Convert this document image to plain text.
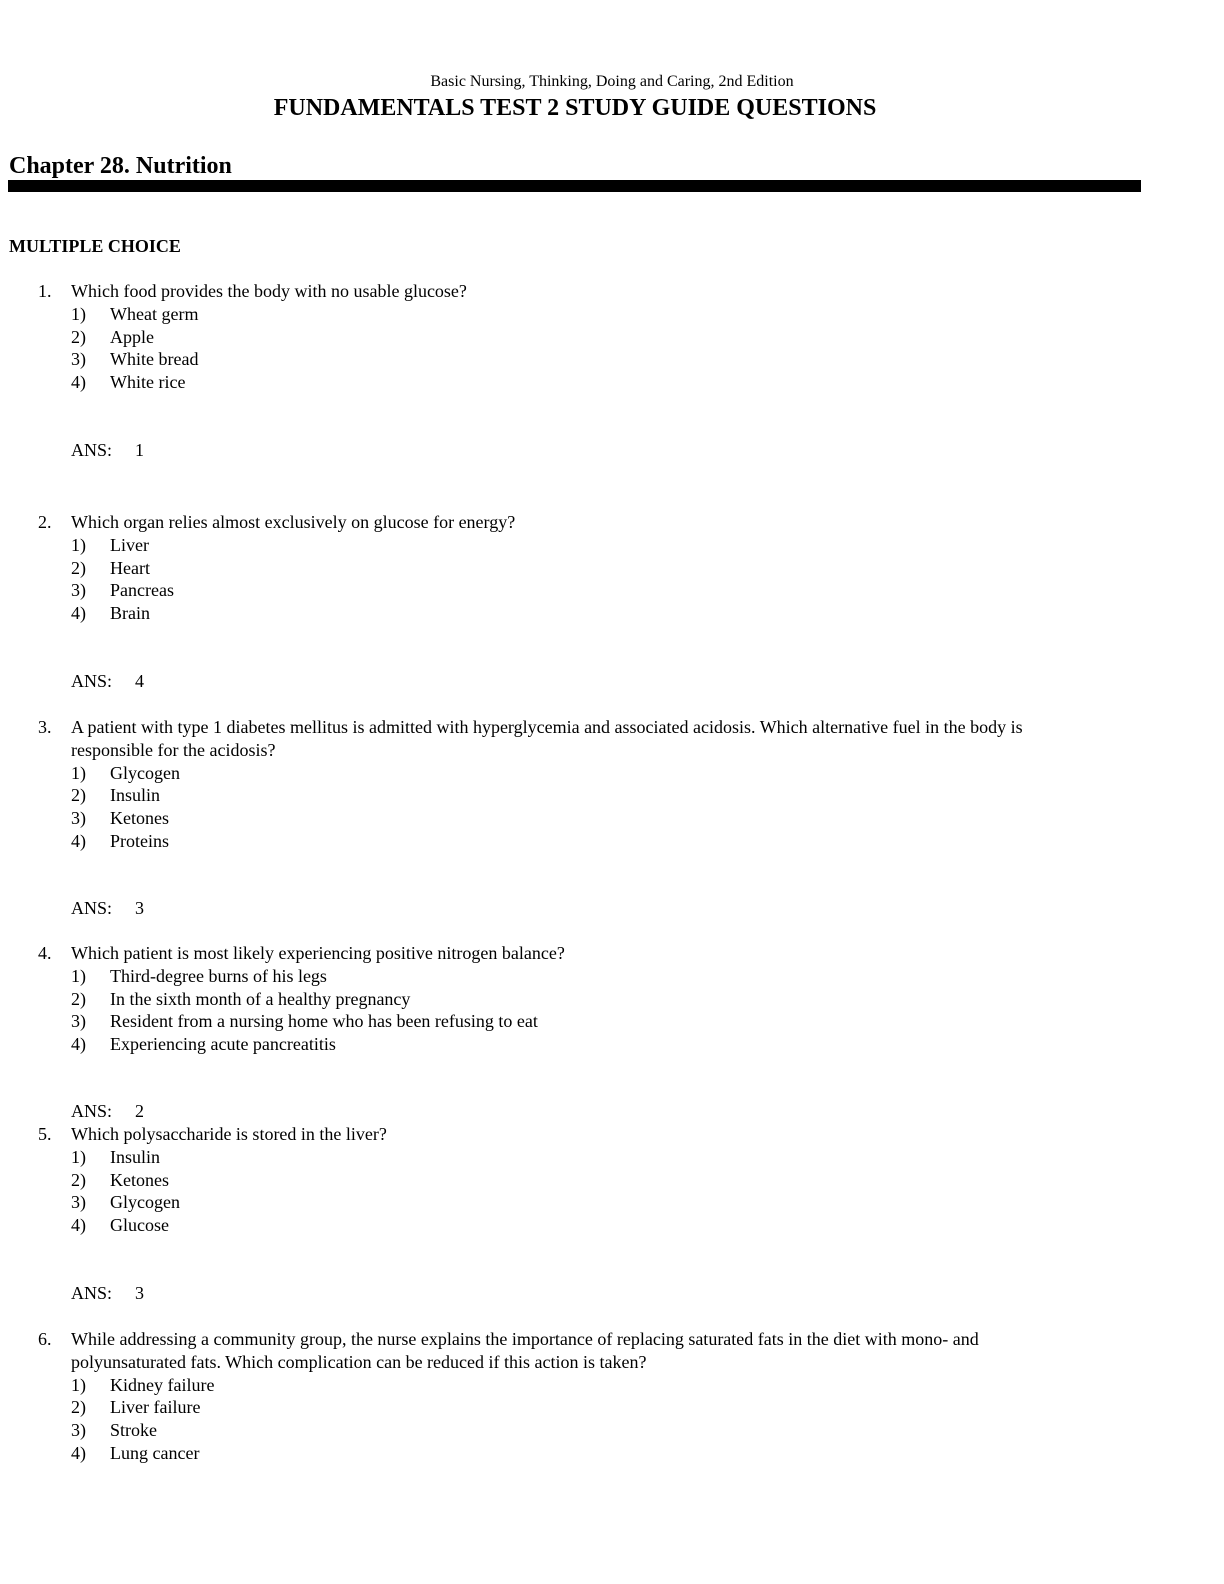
Basic Nursing, Thinking, Doing and Caring, 2nd Edition
FUNDAMENTALS TEST 2 STUDY GUIDE QUESTIONS
Chapter 28. Nutrition
MULTIPLE CHOICE
1. Which food provides the body with no usable glucose?
1) Wheat germ
2) Apple
3) White bread
4) White rice
ANS: 1
2. Which organ relies almost exclusively on glucose for energy?
1) Liver
2) Heart
3) Pancreas
4) Brain
ANS: 4
3. A patient with type 1 diabetes mellitus is admitted with hyperglycemia and associated acidosis. Which alternative fuel in the body is
responsible for the acidosis?
1) Glycogen
2) Insulin
3) Ketones
4) Proteins
ANS: 3
4. Which patient is most likely experiencing positive nitrogen balance?
1) Third-degree burns of his legs
2) In the sixth month of a healthy pregnancy
3) Resident from a nursing home who has been refusing to eat
4) Experiencing acute pancreatitis
ANS: 2
5. Which polysaccharide is stored in the liver?
1) Insulin
2) Ketones
3) Glycogen
4) Glucose
ANS: 3
6. While addressing a community group, the nurse explains the importance of replacing saturated fats in the diet with mono- and
polyunsaturated fats. Which complication can be reduced if this action is taken?
1) Kidney failure
2) Liver failure
3) Stroke
4) Lung cancer
